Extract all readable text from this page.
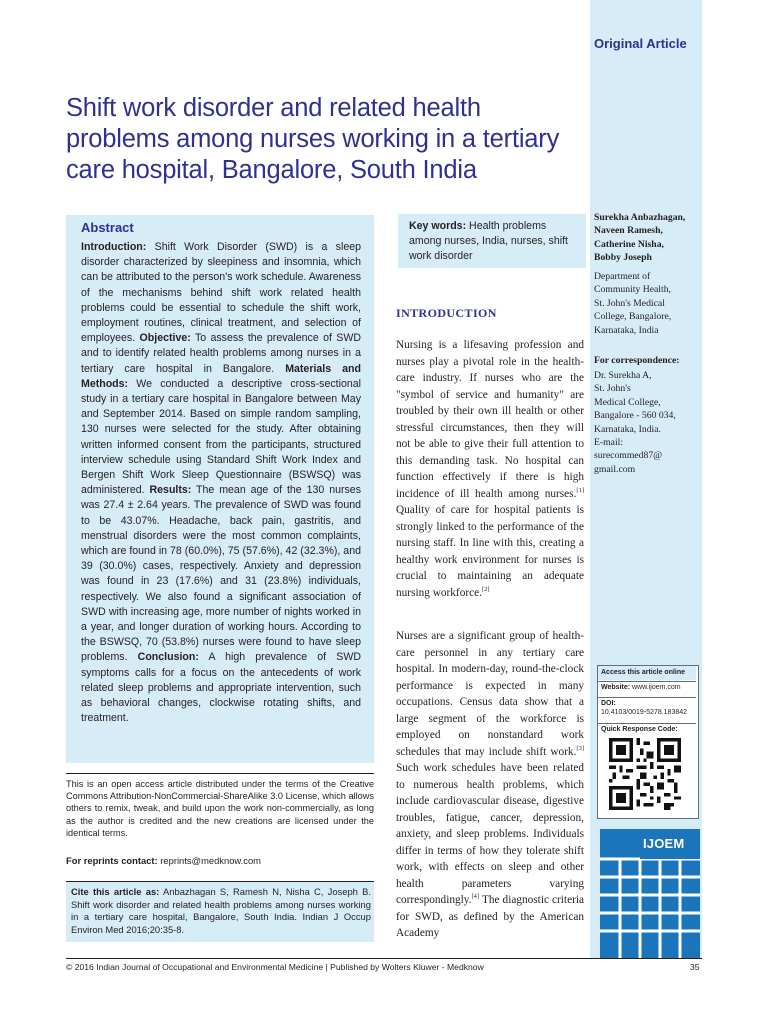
Original Article
Shift work disorder and related health problems among nurses working in a tertiary care hospital, Bangalore, South India
Abstract

Introduction: Shift Work Disorder (SWD) is a sleep disorder characterized by sleepiness and insomnia, which can be attributed to the person's work schedule. Awareness of the mechanisms behind shift work related health problems could be essential to schedule the shift work, employment routines, clinical treatment, and selection of employees. Objective: To assess the prevalence of SWD and to identify related health problems among nurses in a tertiary care hospital in Bangalore. Materials and Methods: We conducted a descriptive cross-sectional study in a tertiary care hospital in Bangalore between May and September 2014. Based on simple random sampling, 130 nurses were selected for the study. After obtaining written informed consent from the participants, structured interview schedule using Standard Shift Work Index and Bergen Shift Work Sleep Questionnaire (BSWSQ) was administered. Results: The mean age of the 130 nurses was 27.4 ± 2.64 years. The prevalence of SWD was found to be 43.07%. Headache, back pain, gastritis, and menstrual disorders were the most common complaints, which are found in 78 (60.0%), 75 (57.6%), 42 (32.3%), and 39 (30.0%) cases, respectively. Anxiety and depression was found in 23 (17.6%) and 31 (23.8%) individuals, respectively. We also found a significant association of SWD with increasing age, more number of nights worked in a year, and longer duration of working hours. According to the BSWSQ, 70 (53.8%) nurses were found to have sleep problems. Conclusion: A high prevalence of SWD symptoms calls for a focus on the antecedents of work related sleep problems and appropriate intervention, such as behavioral changes, clockwise rotating shifts, and treatment.

This is an open access article distributed under the terms of the Creative Commons Attribution-NonCommercial-ShareAlike 3.0 License, which allows others to remix, tweak, and build upon the work non-commercially, as long as the author is credited and the new creations are licensed under the identical terms.

For reprints contact: reprints@medknow.com

Cite this article as: Anbazhagan S, Ramesh N, Nisha C, Joseph B. Shift work disorder and related health problems among nurses working in a tertiary care hospital, Bangalore, South India. Indian J Occup Environ Med 2016;20:35-8.

Key words: Health problems among nurses, India, nurses, shift work disorder

INTRODUCTION

Nursing is a lifesaving profession and nurses play a pivotal role in the health-care industry. If nurses who are the "symbol of service and humanity" are troubled by their own ill health or other stressful circumstances, then they will not be able to give their full attention to this demanding task. No hospital can function effectively if there is high incidence of ill health among nurses.[1] Quality of care for hospital patients is strongly linked to the performance of the nursing staff. In line with this, creating a healthy work environment for nurses is crucial to maintaining an adequate nursing workforce.[2]

Nurses are a significant group of health-care personnel in any tertiary care hospital. In modern-day, round-the-clock performance is expected in many occupations. Census data show that a large segment of the workforce is employed on nonstandard work schedules that may include shift work.[3] Such work schedules have been related to numerous health problems, which include cardiovascular disease, digestive troubles, fatigue, cancer, depression, anxiety, and sleep problems. Individuals differ in terms of how they tolerate shift work, with effects on sleep and other health parameters varying correspondingly.[4] The diagnostic criteria for SWD, as defined by the American Academy

Surekha Anbazhagan,
Naveen Ramesh,
Catherine Nisha,
Bobby Joseph

Department of
Community Health,
St. John's Medical
College, Bangalore,
Karnataka, India

For correspondence:

Dr. Surekha A,
St. John's
Medical College,
Bangalore - 560 034,
Karnataka, India.
E-mail:
surecommed87@
gmail.com

Access this article online
Website: www.ijoem.com
DOI:
10.4103/0019-5278.183842
Quick Response Code:
IJOEM
© 2016 Indian Journal of Occupational and Environmental Medicine | Published by Wolters Kluwer - Medknow	35
